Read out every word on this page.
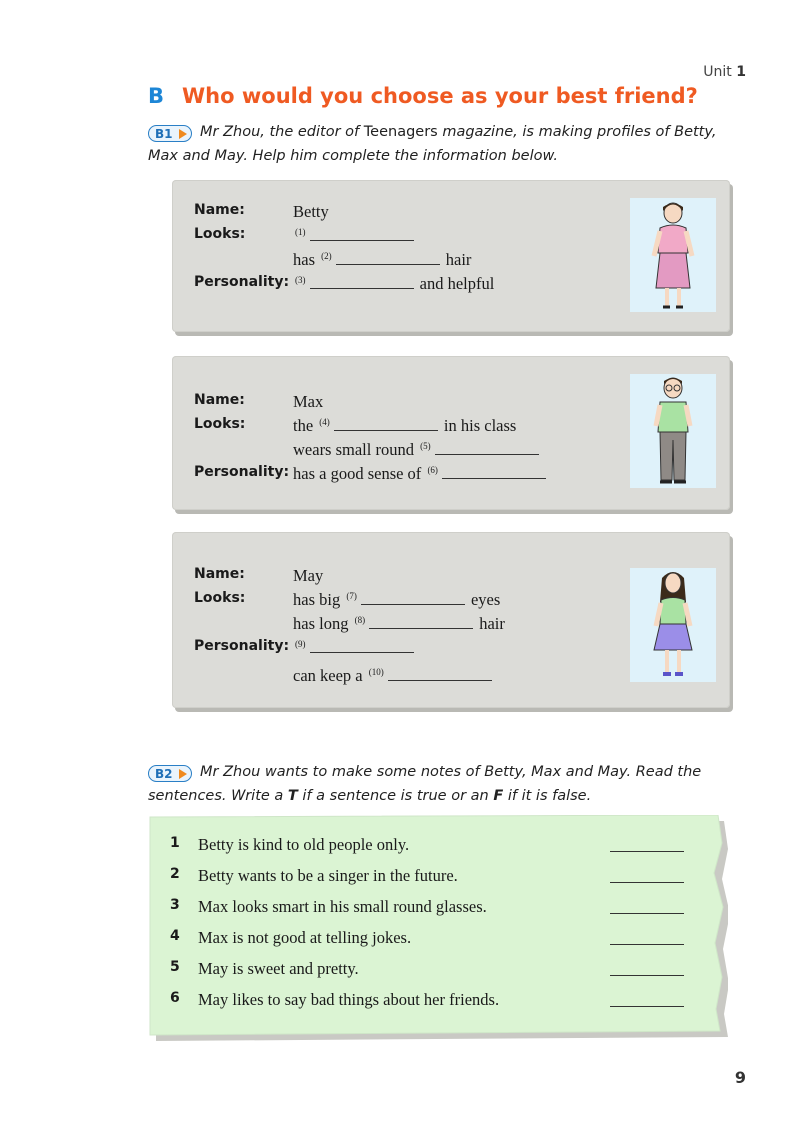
Unit 1
B Who would you choose as your best friend?
B1 Mr Zhou, the editor of Teenagers magazine, is making profiles of Betty, Max and May. Help him complete the information below.
Name:	Betty
Looks:	$^{(1)}$
has $^{(2)}$	hair
Personality: $^{(3)}$	and helpful
Name:	Max
Looks:	the $^{(4)}$	in his class
wears small round $^{(5)}$
Personality: has a good sense of $^{(6)}$
Name:	May
Looks:	has big $^{(7)}$	eyes
has long $^{(8)}$	hair
Personality: $^{(9)}$
can keep a $^{(10)}$
B2 Mr Zhou wants to make some notes of Betty, Max and May. Read the sentences. Write a T if a sentence is true or an F if it is false.
1 Betty is kind to old people only.
2 Betty wants to be a singer in the future.
3 Max looks smart in his small round glasses.
4 Max is not good at telling jokes.
5 May is sweet and pretty.
6 May likes to say bad things about her friends.
9
